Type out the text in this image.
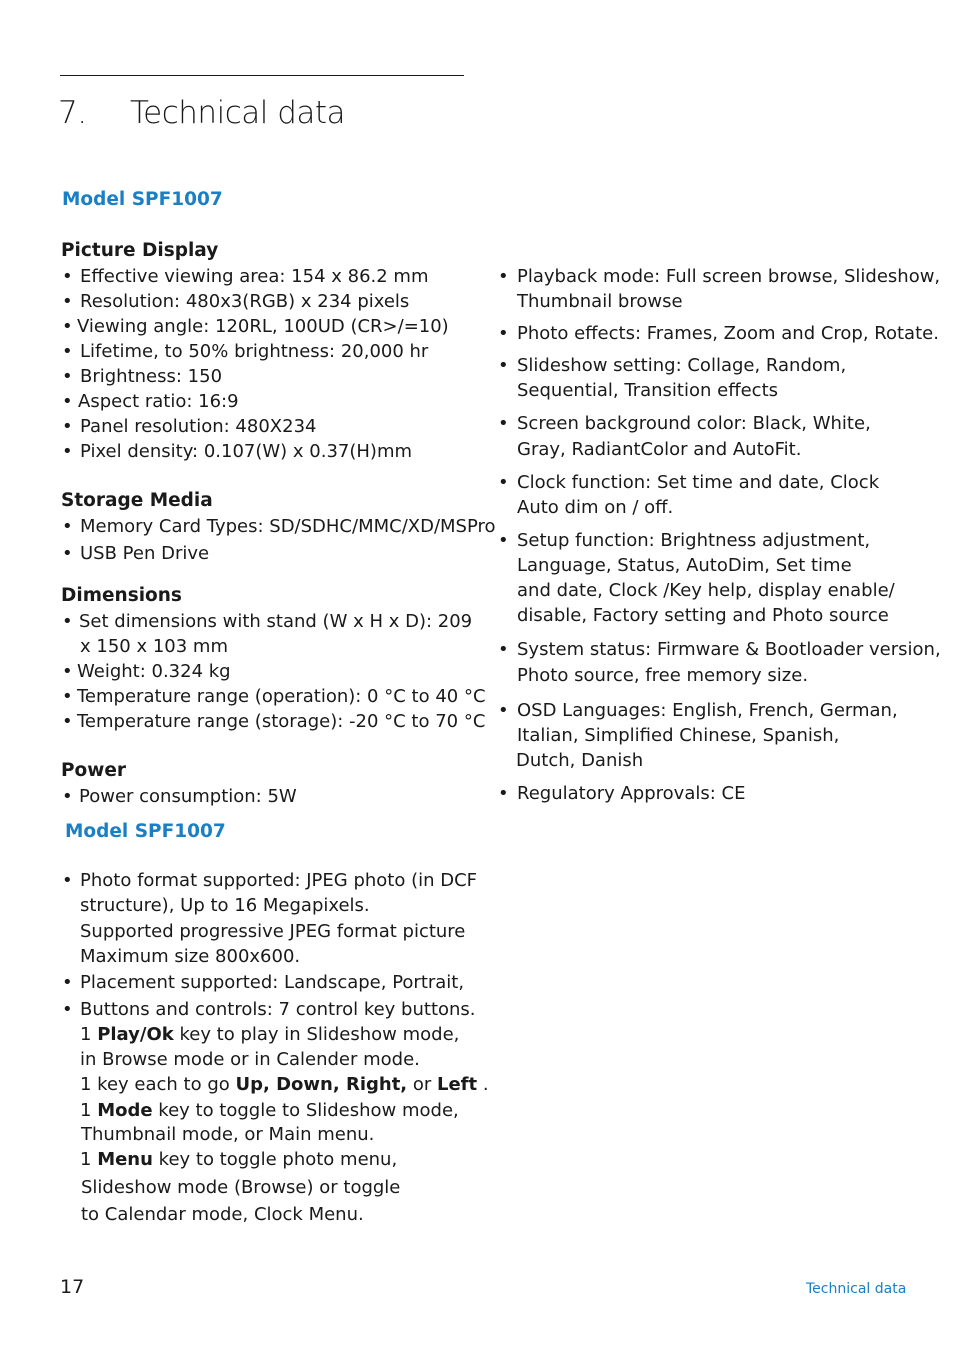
7. Technical data
Model SPF1007
Picture Display
• Effective viewing area: 154 x 86.2 mm
• Resolution: 480x3(RGB) x 234 pixels
• Viewing angle: 120RL, 100UD (CR>/=10)
• Lifetime, to 50% brightness: 20,000 hr
• Brightness: 150
• Aspect ratio: 16:9
• Panel resolution: 480X234
• Pixel density: 0.107(W) x 0.37(H)mm
Storage Media
• Memory Card Types: SD/SDHC/MMC/XD/MSPro
• USB Pen Drive
Dimensions
• Set dimensions with stand (W x H x D): 209
x 150 x 103 mm
• Weight: 0.324 kg
• Temperature range (operation): 0 °C to 40 °C
• Temperature range (storage): -20 °C to 70 °C
Power
• Power consumption: 5W
Model SPF1007
• Photo format supported: JPEG photo (in DCF
structure), Up to 16 Megapixels.
Supported progressive JPEG format picture
Maximum size 800x600.
• Placement supported: Landscape, Portrait,
• Buttons and controls: 7 control key buttons.
1 Play/Ok key to play in Slideshow mode,
in Browse mode or in Calender mode.
1 key each to go Up, Down, Right, or Left .
1 Mode key to toggle to Slideshow mode,
Thumbnail mode, or Main menu.
1 Menu key to toggle photo menu,
Slideshow mode (Browse) or toggle
to Calendar mode, Clock Menu.
• Playback mode: Full screen browse, Slideshow,
Thumbnail browse
• Photo effects: Frames, Zoom and Crop, Rotate.
• Slideshow setting: Collage, Random,
Sequential, Transition effects
• Screen background color: Black, White,
Gray, RadiantColor and AutoFit.
• Clock function: Set time and date, Clock
Auto dim on / off.
• Setup function: Brightness adjustment,
Language, Status, AutoDim, Set time
and date, Clock /Key help, display enable/
disable, Factory setting and Photo source
• System status: Firmware & Bootloader version,
Photo source, free memory size.
• OSD Languages: English, French, German,
Italian, Simplified Chinese, Spanish,
Dutch, Danish
• Regulatory Approvals: CE
17	Technical data
